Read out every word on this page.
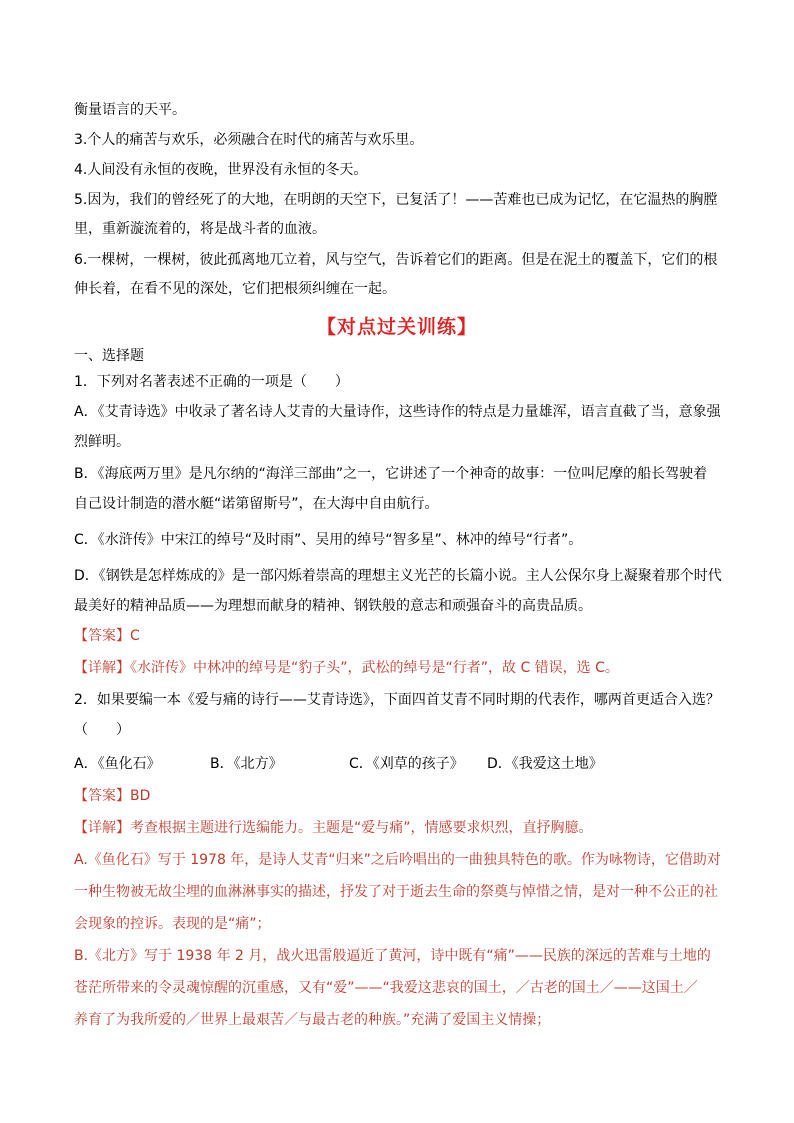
衡量语言的天平。
3.个人的痛苦与欢乐，必须融合在时代的痛苦与欢乐里。
4.人间没有永恒的夜晚，世界没有永恒的冬天。
5.因为，我们的曾经死了的大地，在明朗的天空下，已复活了！——苦难也已成为记忆，在它温热的胸膛
里，重新漩流着的，将是战斗者的血液。
6.一棵树，一棵树，彼此孤离地兀立着，风与空气，告诉着它们的距离。但是在泥土的覆盖下，它们的根
伸长着，在看不见的深处，它们把根须纠缠在一起。
【对点过关训练】
一、选择题
1．下列对名著表述不正确的一项是（　　）
A．《艾青诗选》中收录了著名诗人艾青的大量诗作，这些诗作的特点是力量雄浑，语言直截了当，意象强
烈鲜明。
B．《海底两万里》是凡尔纳的“海洋三部曲”之一，它讲述了一个神奇的故事：一位叫尼摩的船长驾驶着
自己设计制造的潜水艇“诺第留斯号”，在大海中自由航行。
C．《水浒传》中宋江的绰号“及时雨”、吴用的绰号“智多星”、林冲的绰号“行者”。
D．《钢铁是怎样炼成的》是一部闪烁着崇高的理想主义光芒的长篇小说。主人公保尔身上凝聚着那个时代
最美好的精神品质——为理想而献身的精神、钢铁般的意志和顽强奋斗的高贵品质。
【答案】C
【详解】《水浒传》中林冲的绰号是“豹子头”，武松的绰号是“行者”，故 C 错误，选 C。
2．如果要编一本《爱与痛的诗行——艾青诗选》，下面四首艾青不同时期的代表作，哪两首更适合入选？
（　　）
A．《鱼化石》	B．《北方》	C．《刈草的孩子》 D．《我爱这土地》
【答案】BD
【详解】考查根据主题进行选编能力。主题是“爱与痛”，情感要求炽烈，直抒胸臆。
A.《鱼化石》写于 1978 年，是诗人艾青“归来”之后吟唱出的一曲独具特色的歌。作为咏物诗，它借助对
一种生物被无故尘埋的血淋淋事实的描述，抒发了对于逝去生命的祭奠与悼惜之情，是对一种不公正的社
会现象的控诉。表现的是“痛”；
B.《北方》写于 1938 年 2 月，战火迅雷般逼近了黄河，诗中既有“痛”——民族的深远的苦难与土地的
苍茫所带来的令灵魂惊醒的沉重感，又有“爱”——“我爱这悲哀的国土，／古老的国土／——这国土／
养育了为我所爱的／世界上最艰苦／与最古老的种族。”充满了爱国主义情操；
